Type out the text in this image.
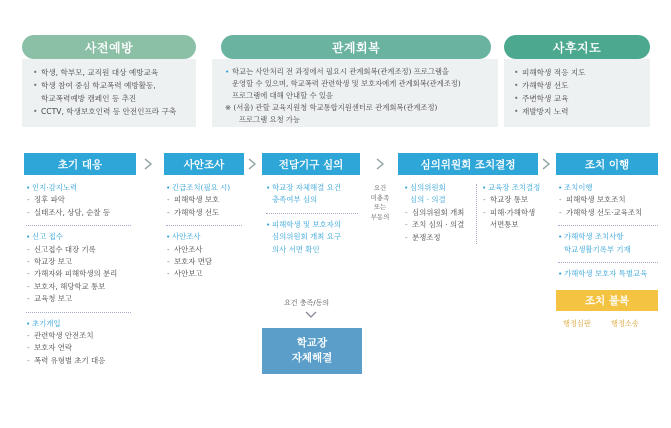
사전예방
• 학생, 학부모, 교직원 대상 예방교육
• 학생 참여 중심 학교폭력 예방활동,
학교폭력예방 캠페인 등 추진
• CCTV, 학생보호인력 등 안전인프라 구축
관계회복
• 학교는 사안처리 전 과정에서 필요시 관계회복(관계조정) 프로그램을
운영할 수 있으며, 학교폭력 관련학생 및 보호자에게 관계회복(관계조정)
프로그램에 대해 안내할 수 있음
※ (서울) 관할 교육지원청 학교통합지원센터로 관계회복(관계조정)
프로그램 요청 가능
사후지도
• 피해학생 적응 지도
• 가해학생 선도
• 주변학생 교육
• 재발방지 노력
초기 대응	사안조사	전담기구 심의	심의위원회 조치결정	조치 이행
• 인지·감지노력
- 징후 파악
- 실태조사, 상담, 순찰 등
• 신고 접수
- 신고접수 대장 기록
- 학교장 보고
- 가해자와 피해학생의 분리
- 보호자, 해당학교 통보
- 교육청 보고
• 초기개입
- 관련학생 안전조치
- 보호자 연락
- 폭력 유형별 초기 대응
• 긴급조치(필요 시)
- 피해학생 보호
- 가해학생 선도
• 사안조사
- 사안조사
- 보호자 면담
- 사안보고
• 학교장 자체해결 요건
충족여부 심의
• 피해학생 및 보호자의
심의위원회 개최 요구
의사 서면 확인
요건 충족/동의
학교장
자체해결
요건
미충족
또는
부동의
• 심의위원회
심의 · 의결
- 심의위원회 개최
- 조치 심의 · 의결
- 분쟁조정
• 교육장 조치결정
- 학교장 통보
- 피해·가해학생
서면통보
• 조치이행
- 피해학생 보호조치
- 가해학생 선도·교육조치
• 가해학생 조치사항
학교생활기록부 기재
• 가해학생 보호자 특별교육
조치 불복
행정심판	행정소송
